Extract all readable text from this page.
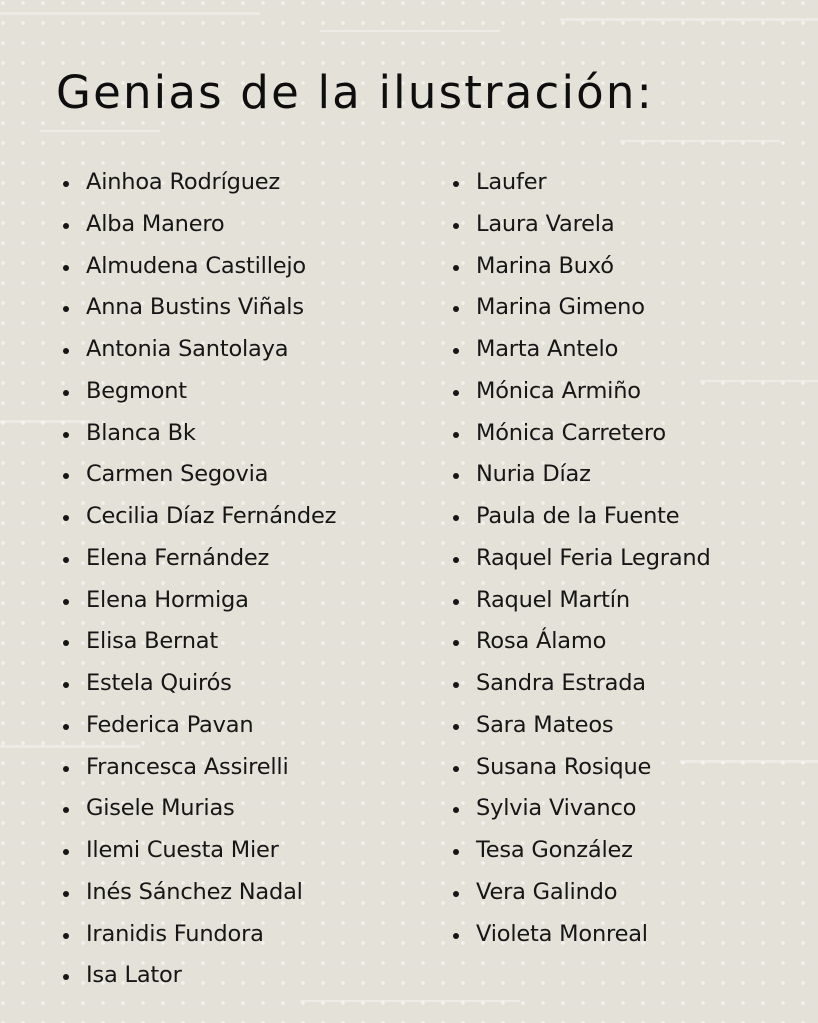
Genias de la ilustración:
Ainhoa Rodríguez
Alba Manero
Almudena Castillejo
Anna Bustins Viñals
Antonia Santolaya
Begmont
Blanca Bk
Carmen Segovia
Cecilia Díaz Fernández
Elena Fernández
Elena Hormiga
Elisa Bernat
Estela Quirós
Federica Pavan
Francesca Assirelli
Gisele Murias
Ilemi Cuesta Mier
Inés Sánchez Nadal
Iranidis Fundora
Isa Lator
Laufer
Laura Varela
Marina Buxó
Marina Gimeno
Marta Antelo
Mónica Armiño
Mónica Carretero
Nuria Díaz
Paula de la Fuente
Raquel Feria Legrand
Raquel Martín
Rosa Álamo
Sandra Estrada
Sara Mateos
Susana Rosique
Sylvia Vivanco
Tesa González
Vera Galindo
Violeta Monreal
